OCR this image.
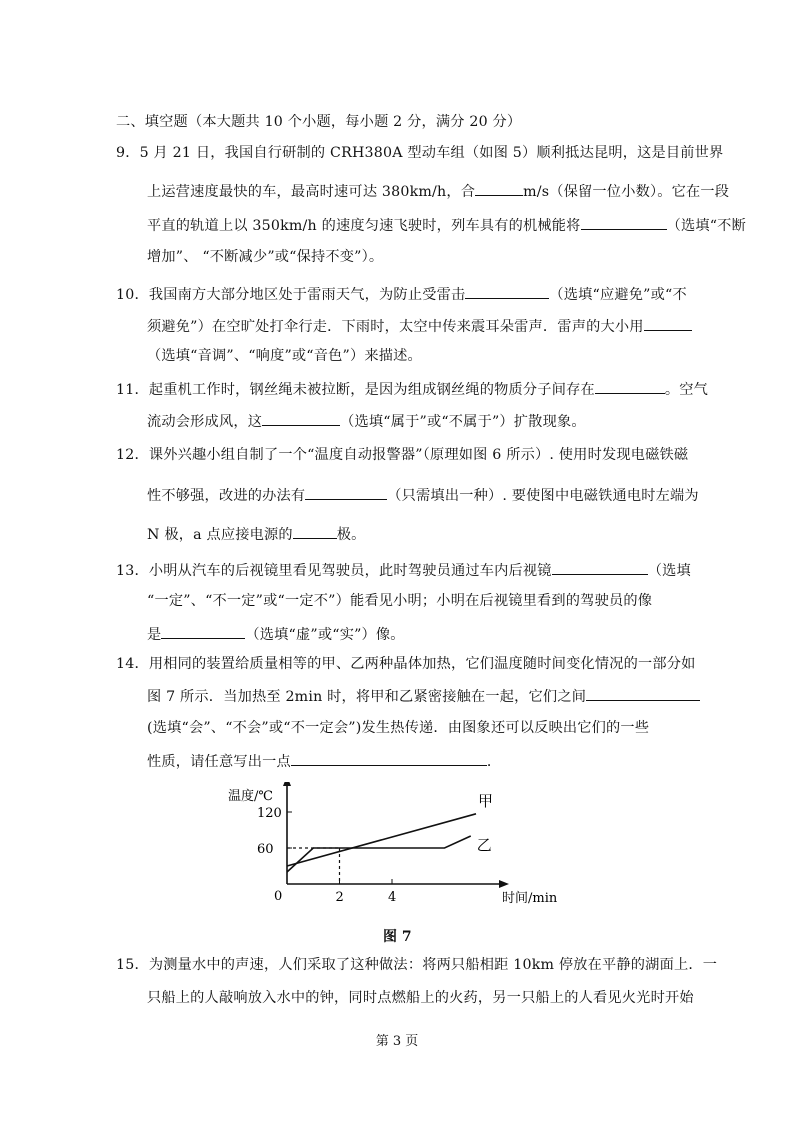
二、填空题（本大题共 10 个小题，每小题 2 分，满分 20 分）
9．5 月 21 日，我国自行研制的 CRH380A 型动车组（如图 5）顺利抵达昆明，这是目前世界
上运营速度最快的车，最高时速可达 380km/h，合	m/s（保留一位小数）。它在一段
平直的轨道上以 350km/h 的速度匀速飞驶时，列车具有的机械能将	（选填“不断
增加”、 “不断减少”或“保持不变”）。
10．我国南方大部分地区处于雷雨天气，为防止受雷击	（选填“应避免”或“不
须避免”）在空旷处打伞行走．下雨时，太空中传来震耳朵雷声．雷声的大小用
（选填“音调”、“响度”或“音色”）来描述。
11．起重机工作时，钢丝绳未被拉断，是因为组成钢丝绳的物质分子间存在	。空气
流动会形成风，这	（选填“属于”或“不属于”）扩散现象。
12．课外兴趣小组自制了一个“温度自动报警器”（原理如图 6 所示）. 使用时发现电磁铁磁
性不够强，改进的办法有	（只需填出一种）. 要使图中电磁铁通电时左端为
N 极，a 点应接电源的	极。
13．小明从汽车的后视镜里看见驾驶员，此时驾驶员通过车内后视镜	（选填
“一定”、“不一定”或“一定不”）能看见小明；小明在后视镜里看到的驾驶员的像
是	（选填“虚”或“实”）像。
14．用相同的装置给质量相等的甲、乙两种晶体加热，它们温度随时间变化情况的一部分如
图 7 所示．当加热至 2min 时，将甲和乙紧密接触在一起，它们之间
(选填“会”、“不会”或“不一定会”)发生热传递．由图象还可以反映出它们的一些
性质，请任意写出一点	．
温度/℃
时间/min
0
60
120
2	4
甲
乙
图 7
15．为测量水中的声速，人们采取了这种做法：将两只船相距 10km 停放在平静的湖面上．一
只船上的人敲响放入水中的钟，同时点燃船上的火药，另一只船上的人看见火光时开始
第 3 页
